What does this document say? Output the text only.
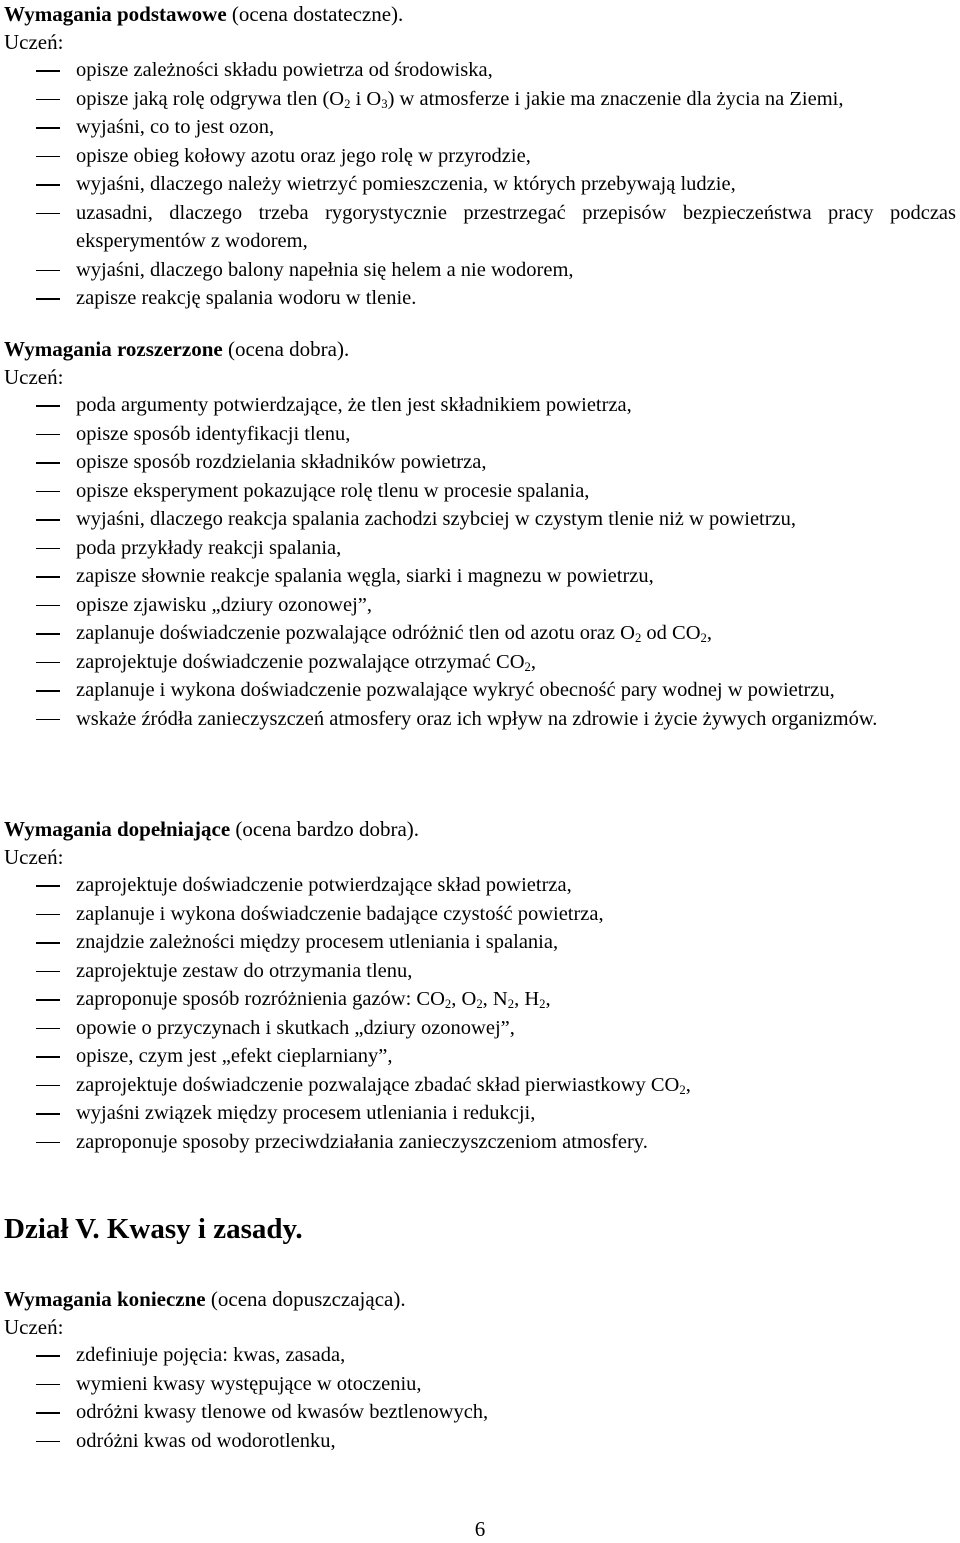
Wymagania podstawowe (ocena dostateczne).
Uczeń:
opisze zależności składu powietrza od środowiska,
opisze jaką rolę odgrywa tlen ($O_2$ i $O_3$) w atmosferze i jakie ma znaczenie dla życia na Ziemi,
wyjaśni, co to jest ozon,
opisze obieg kołowy azotu oraz jego rolę w przyrodzie,
wyjaśni, dlaczego należy wietrzyć pomieszczenia, w których przebywają ludzie,
uzasadni, dlaczego trzeba rygorystycznie przestrzegać przepisów bezpieczeństwa pracy podczas eksperymentów z wodorem,
wyjaśni, dlaczego balony napełnia się helem a nie wodorem,
zapisze reakcję spalania wodoru w tlenie.
Wymagania rozszerzone (ocena dobra).
Uczeń:
poda argumenty potwierdzające, że tlen jest składnikiem powietrza,
opisze sposób identyfikacji tlenu,
opisze sposób rozdzielania składników powietrza,
opisze eksperyment pokazujące rolę tlenu w procesie spalania,
wyjaśni, dlaczego reakcja spalania zachodzi szybciej w czystym tlenie niż w powietrzu,
poda przykłady reakcji spalania,
zapisze słownie reakcje spalania węgla, siarki i magnezu w powietrzu,
opisze zjawisku „dziury ozonowej”,
zaplanuje doświadczenie pozwalające odróżnić tlen od azotu oraz $O_2$ od $CO_2$,
zaprojektuje doświadczenie pozwalające otrzymać $CO_2$,
zaplanuje i wykona doświadczenie pozwalające wykryć obecność pary wodnej w powietrzu,
wskaże źródła zanieczyszczeń atmosfery oraz ich wpływ na zdrowie i życie żywych organizmów.
Wymagania dopełniające (ocena bardzo dobra).
Uczeń:
zaprojektuje doświadczenie potwierdzające skład powietrza,
zaplanuje i wykona doświadczenie badające czystość powietrza,
znajdzie zależności między procesem utleniania i spalania,
zaprojektuje zestaw do otrzymania tlenu,
zaproponuje sposób rozróżnienia gazów: $CO_2$, $O_2$, $N_2$, $H_2$,
opowie o przyczynach i skutkach „dziury ozonowej”,
opisze, czym jest „efekt cieplarniany”,
zaprojektuje doświadczenie pozwalające zbadać skład pierwiastkowy $CO_2$,
wyjaśni związek między procesem utleniania i redukcji,
zaproponuje sposoby przeciwdziałania zanieczyszczeniom atmosfery.
Dział V. Kwasy i zasady.
Wymagania konieczne (ocena dopuszczająca).
Uczeń:
zdefiniuje pojęcia: kwas, zasada,
wymieni kwasy występujące w otoczeniu,
odróżni kwasy tlenowe od kwasów beztlenowych,
odróżni kwas od wodorotlenku,
6
